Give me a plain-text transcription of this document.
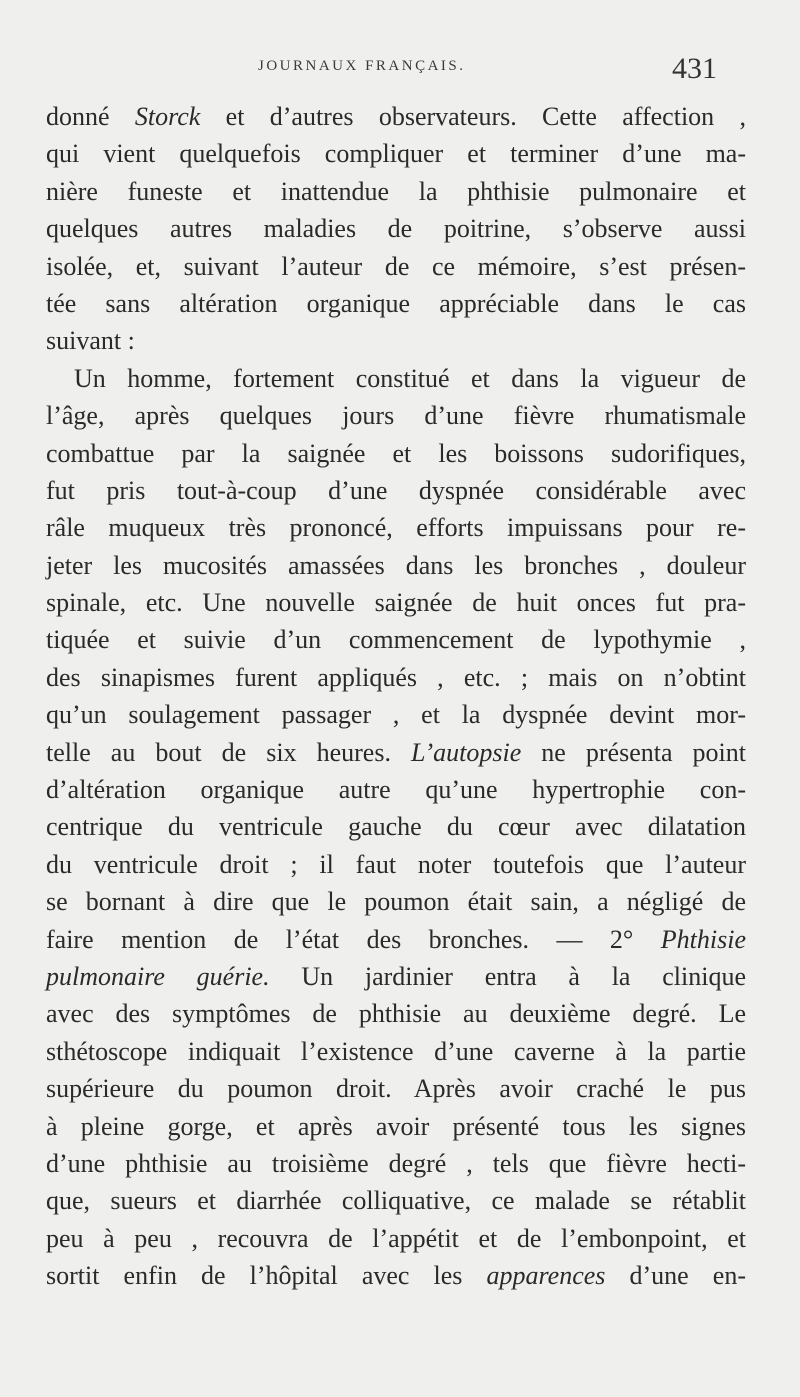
JOURNAUX FRANÇAIS.	431
donné Storck et d’autres observateurs. Cette affection ,
qui vient quelquefois compliquer et terminer d’une ma-
nière funeste et inattendue la phthisie pulmonaire et
quelques autres maladies de poitrine, s’observe aussi
isolée, et, suivant l’auteur de ce mémoire, s’est présen-
tée sans altération organique appréciable dans le cas
suivant :
Un homme, fortement constitué et dans la vigueur de
l’âge, après quelques jours d’une fièvre rhumatismale
combattue par la saignée et les boissons sudorifiques,
fut pris tout-à-coup d’une dyspnée considérable avec
râle muqueux très prononcé, efforts impuissans pour re-
jeter les mucosités amassées dans les bronches , douleur
spinale, etc. Une nouvelle saignée de huit onces fut pra-
tiquée et suivie d’un commencement de lypothymie ,
des sinapismes furent appliqués , etc. ; mais on n’obtint
qu’un soulagement passager , et la dyspnée devint mor-
telle au bout de six heures. L’autopsie ne présenta point
d’altération organique autre qu’une hypertrophie con-
centrique du ventricule gauche du cœur avec dilatation
du ventricule droit ; il faut noter toutefois que l’auteur
se bornant à dire que le poumon était sain, a négligé de
faire mention de l’état des bronches. — 2° Phthisie
pulmonaire guérie. Un jardinier entra à la clinique
avec des symptômes de phthisie au deuxième degré. Le
sthétoscope indiquait l’existence d’une caverne à la partie
supérieure du poumon droit. Après avoir craché le pus
à pleine gorge, et après avoir présenté tous les signes
d’une phthisie au troisième degré , tels que fièvre hecti-
que, sueurs et diarrhée colliquative, ce malade se rétablit
peu à peu , recouvra de l’appétit et de l’embonpoint, et
sortit enfin de l’hôpital avec les apparences d’une en-
